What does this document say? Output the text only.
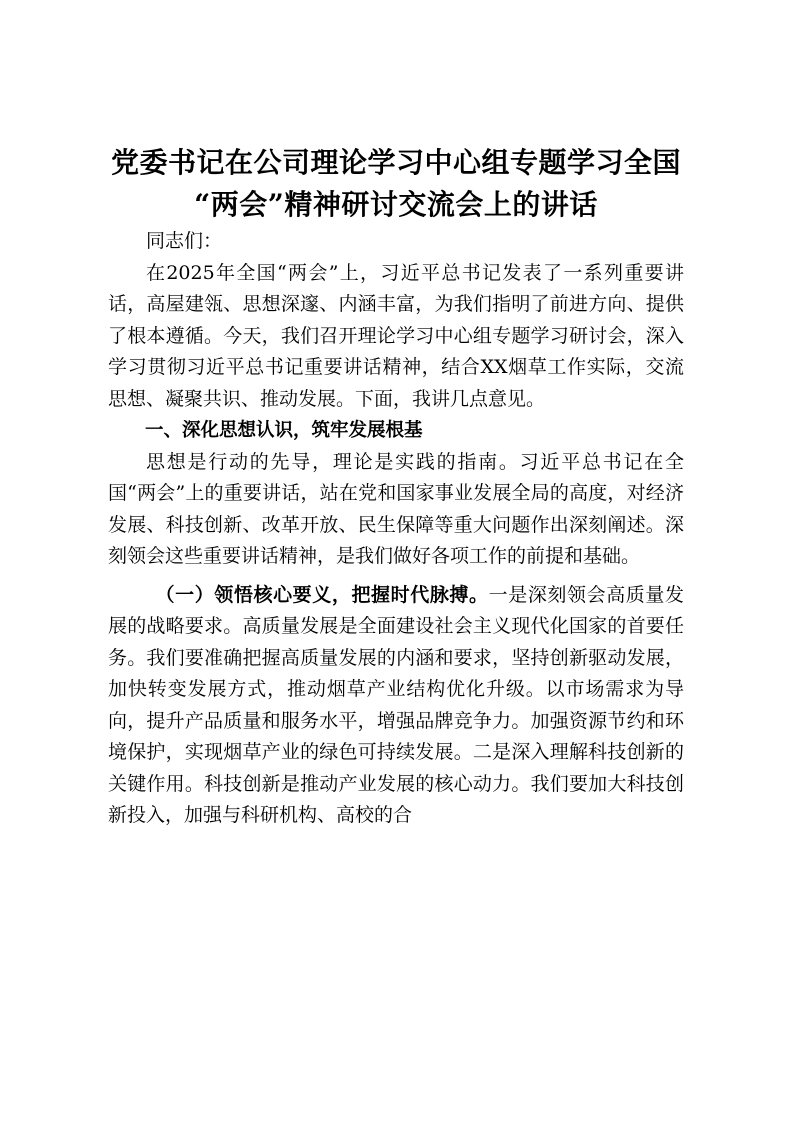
党委书记在公司理论学习中心组专题学习全国
“两会”精神研讨交流会上的讲话

同志们：

在2025年全国“两会”上，习近平总书记发表了一系列重要讲话，高屋建瓴、思想深邃、内涵丰富，为我们指明了前进方向、提供了根本遵循。今天，我们召开理论学习中心组专题学习研讨会，深入学习贯彻习近平总书记重要讲话精神，结合XX烟草工作实际，交流思想、凝聚共识、推动发展。下面，我讲几点意见。

一、深化思想认识，筑牢发展根基

思想是行动的先导，理论是实践的指南。习近平总书记在全国“两会”上的重要讲话，站在党和国家事业发展全局的高度，对经济发展、科技创新、改革开放、民生保障等重大问题作出深刻阐述。深刻领会这些重要讲话精神，是我们做好各项工作的前提和基础。

（一）领悟核心要义，把握时代脉搏。一是深刻领会高质量发展的战略要求。高质量发展是全面建设社会主义现代化国家的首要任务。我们要准确把握高质量发展的内涵和要求，坚持创新驱动发展，加快转变发展方式，推动烟草产业结构优化升级。以市场需求为导向，提升产品质量和服务水平，增强品牌竞争力。加强资源节约和环境保护，实现烟草产业的绿色可持续发展。二是深入理解科技创新的关键作用。科技创新是推动产业发展的核心动力。我们要加大科技创新投入，加强与科研机构、高校的合
